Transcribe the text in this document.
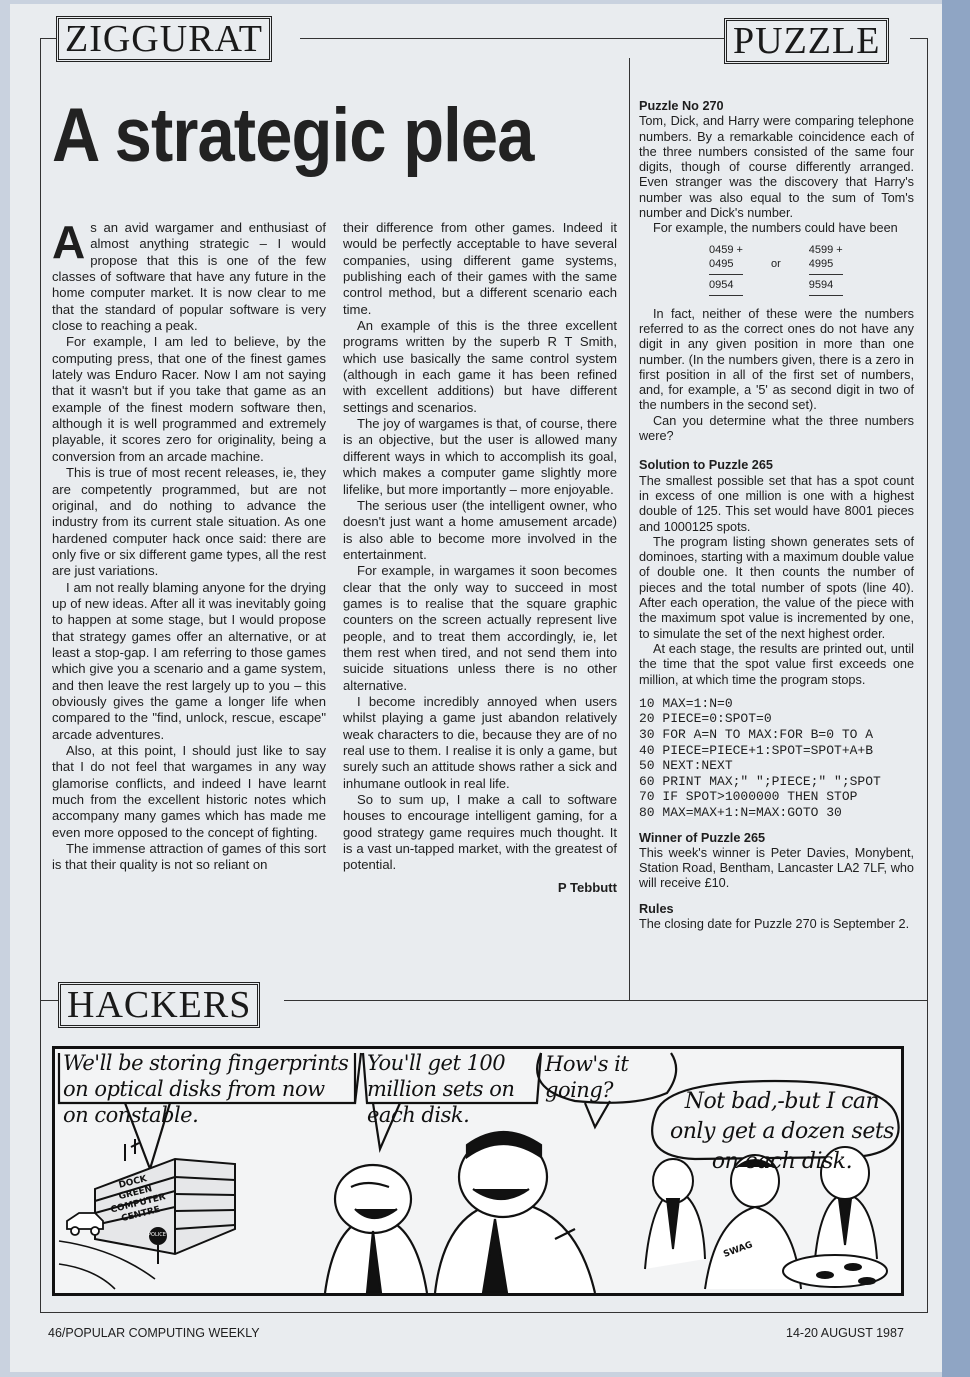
ZIGGURAT	PUZZLE
HACKERS
A strategic plea

As an avid wargamer and enthusiast of almost anything strategic – I would propose that this is one of the few classes of software that have any future in the home computer market. It is now clear to me that the standard of popular software is very close to reaching a peak.

For example, I am led to believe, by the computing press, that one of the finest games lately was Enduro Racer. Now I am not saying that it wasn't but if you take that game as an example of the finest modern software then, although it is well programmed and extremely playable, it scores zero for originality, being a conversion from an arcade machine.

This is true of most recent releases, ie, they are competently programmed, but are not original, and do nothing to advance the industry from its current stale situation. As one hardened computer hack once said: there are only five or six different game types, all the rest are just variations.

I am not really blaming anyone for the drying up of new ideas. After all it was inevitably going to happen at some stage, but I would propose that strategy games offer an alternative, or at least a stop-gap. I am referring to those games which give you a scenario and a game system, and then leave the rest largely up to you – this obviously gives the game a longer life when compared to the "find, unlock, rescue, escape" arcade adventures.

Also, at this point, I should just like to say that I do not feel that wargames in any way glamorise conflicts, and indeed I have learnt much from the excellent historic notes which accompany many games which has made me even more opposed to the concept of fighting.

The immense attraction of games of this sort is that their quality is not so reliant on

their difference from other games. Indeed it would be perfectly acceptable to have several companies, using different game systems, publishing each of their games with the same control method, but a different scenario each time.

An example of this is the three excellent programs written by the superb R T Smith, which use basically the same control system (although in each game it has been refined with excellent additions) but have different settings and scenarios.

The joy of wargames is that, of course, there is an objective, but the user is allowed many different ways in which to accomplish its goal, which makes a computer game slightly more lifelike, but more importantly – more enjoyable.

The serious user (the intelligent owner, who doesn't just want a home amusement arcade) is also able to become more involved in the entertainment.

For example, in wargames it soon becomes clear that the only way to succeed in most games is to realise that the square graphic counters on the screen actually represent live people, and to treat them accordingly, ie, let them rest when tired, and not send them into suicide situations unless there is no other alternative.

I become incredibly annoyed when users whilst playing a game just abandon relatively weak characters to die, because they are of no real use to them. I realise it is only a game, but surely such an attitude shows rather a sick and inhumane outlook in real life.

So to sum up, I make a call to software houses to encourage intelligent gaming, for a good strategy game requires much thought. It is a vast un-tapped market, with the greatest of potential.

P Tebbutt
Puzzle No 270

Tom, Dick, and Harry were comparing telephone numbers. By a remarkable coincidence each of the three numbers consisted of the same four digits, though of course differently arranged. Even stranger was the discovery that Harry's number was also equal to the sum of Tom's number and Dick's number.

For example, the numbers could have been

0459 +
0495
0954
or
4599 +
4995
9594

In fact, neither of these were the numbers referred to as the correct ones do not have any digit in any given position in more than one number. (In the numbers given, there is a zero in first position in all of the first set of numbers, and, for example, a '5' as second digit in two of the numbers in the second set).

Can you determine what the three numbers were?

Solution to Puzzle 265

The smallest possible set that has a spot count in excess of one million is one with a highest double of 125. This set would have 8001 pieces and 1000125 spots.

The program listing shown generates sets of dominoes, starting with a maximum double value of double one. It then counts the number of pieces and the total number of spots (line 40). After each operation, the value of the piece with the maximum spot value is incremented by one, to simulate the set of the next highest order.

At each stage, the results are printed out, until the time that the spot value first exceeds one million, at which time the program stops.

10 MAX=1:N=0
20 PIECE=0:SPOT=0
30 FOR A=N TO MAX:FOR B=0 TO A
40 PIECE=PIECE+1:SPOT=SPOT+A+B
50 NEXT:NEXT
60 PRINT MAX;" ";PIECE;" ";SPOT
70 IF SPOT>1000000 THEN STOP
80 MAX=MAX+1:N=MAX:GOTO 30
Winner of Puzzle 265

This week's winner is Peter Davies, Monybent, Station Road, Bentham, Lancaster LA2 7LF, who will receive £10.

Rules

The closing date for Puzzle 270 is September 2.

We'll be storing fingerprints on optical disks from now on constable.
You'll get 100 million sets on each disk.
How's it going?	Not bad,-but I can only get a dozen sets on each disk.
DOCK GREEN COMPUTER CENTRE
POLICE
SWAG
46/POPULAR COMPUTING WEEKLY	14-20 AUGUST 1987
